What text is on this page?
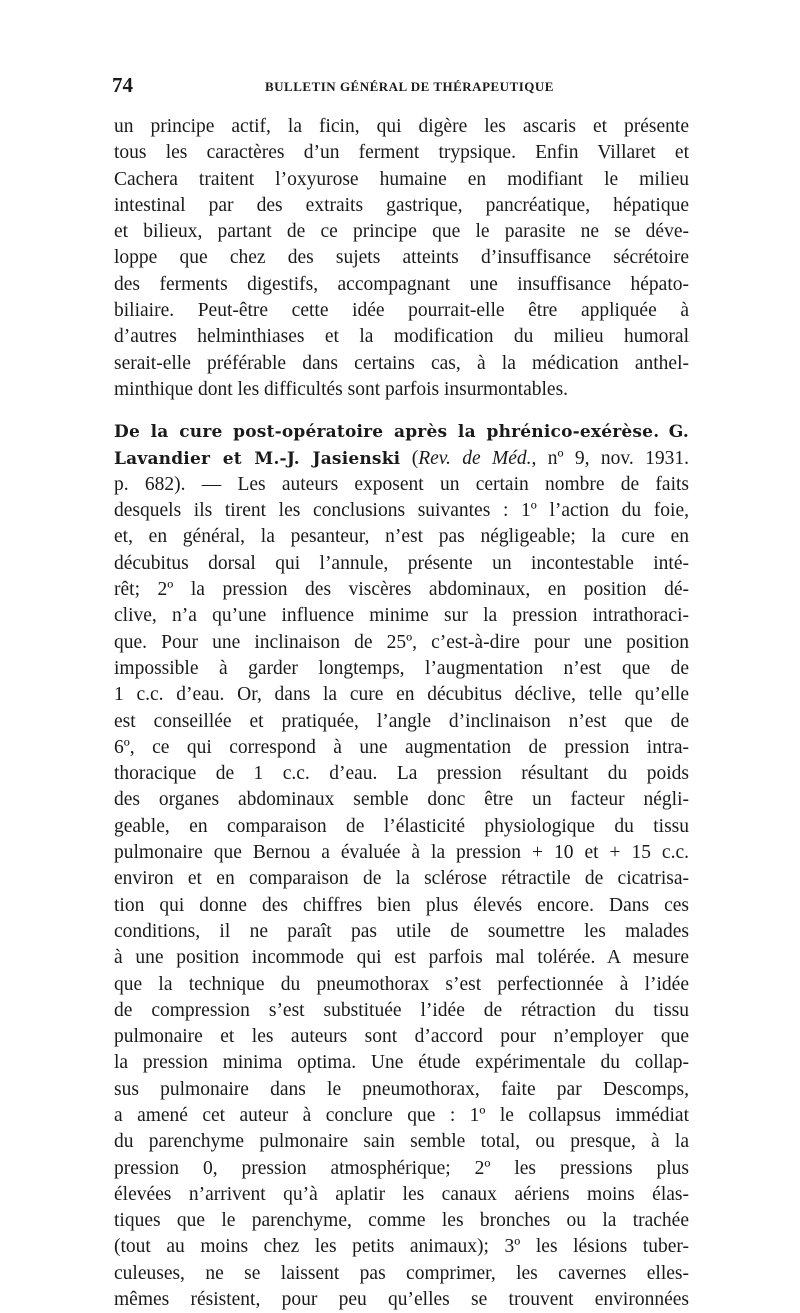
74	BULLETIN GÉNÉRAL DE THÉRAPEUTIQUE
un principe actif, la ficin, qui digère les ascaris et présente
tous les caractères d’un ferment trypsique. Enfin Villaret et
Cachera traitent l’oxyurose humaine en modifiant le milieu
intestinal par des extraits gastrique, pancréatique, hépatique
et bilieux, partant de ce principe que le parasite ne se déve-
loppe que chez des sujets atteints d’insuffisance sécrétoire
des ferments digestifs, accompagnant une insuffisance hépato-
biliaire. Peut-être cette idée pourrait-elle être appliquée à
d’autres helminthiases et la modification du milieu humoral
serait-elle préférable dans certains cas, à la médication anthel-
minthique dont les difficultés sont parfois insurmontables.
De la cure post-opératoire après la phrénico-exérèse. G.
Lavandier et M.-J. Jasienski (Rev. de Méd., nº 9, nov. 1931.
p. 682). — Les auteurs exposent un certain nombre de faits
desquels ils tirent les conclusions suivantes : 1º l’action du foie,
et, en général, la pesanteur, n’est pas négligeable; la cure en
décubitus dorsal qui l’annule, présente un incontestable inté-
rêt; 2º la pression des viscères abdominaux, en position dé-
clive, n’a qu’une influence minime sur la pression intrathoraci-
que. Pour une inclinaison de 25º, c’est-à-dire pour une position
impossible à garder longtemps, l’augmentation n’est que de
1 c.c. d’eau. Or, dans la cure en décubitus déclive, telle qu’elle
est conseillée et pratiquée, l’angle d’inclinaison n’est que de
6º, ce qui correspond à une augmentation de pression intra-
thoracique de 1 c.c. d’eau. La pression résultant du poids
des organes abdominaux semble donc être un facteur négli-
geable, en comparaison de l’élasticité physiologique du tissu
pulmonaire que Bernou a évaluée à la pression + 10 et + 15 c.c.
environ et en comparaison de la sclérose rétractile de cicatrisa-
tion qui donne des chiffres bien plus élevés encore. Dans ces
conditions, il ne paraît pas utile de soumettre les malades
à une position incommode qui est parfois mal tolérée. A mesure
que la technique du pneumothorax s’est perfectionnée à l’idée
de compression s’est substituée l’idée de rétraction du tissu
pulmonaire et les auteurs sont d’accord pour n’employer que
la pression minima optima. Une étude expérimentale du collap-
sus pulmonaire dans le pneumothorax, faite par Descomps,
a amené cet auteur à conclure que : 1º le collapsus immédiat
du parenchyme pulmonaire sain semble total, ou presque, à la
pression 0, pression atmosphérique; 2º les pressions plus
élevées n’arrivent qu’à aplatir les canaux aériens moins élas-
tiques que le parenchyme, comme les bronches ou la trachée
(tout au moins chez les petits animaux); 3º les lésions tuber-
culeuses, ne se laissent pas comprimer, les cavernes elles-
mêmes résistent, pour peu qu’elles se trouvent environnées
